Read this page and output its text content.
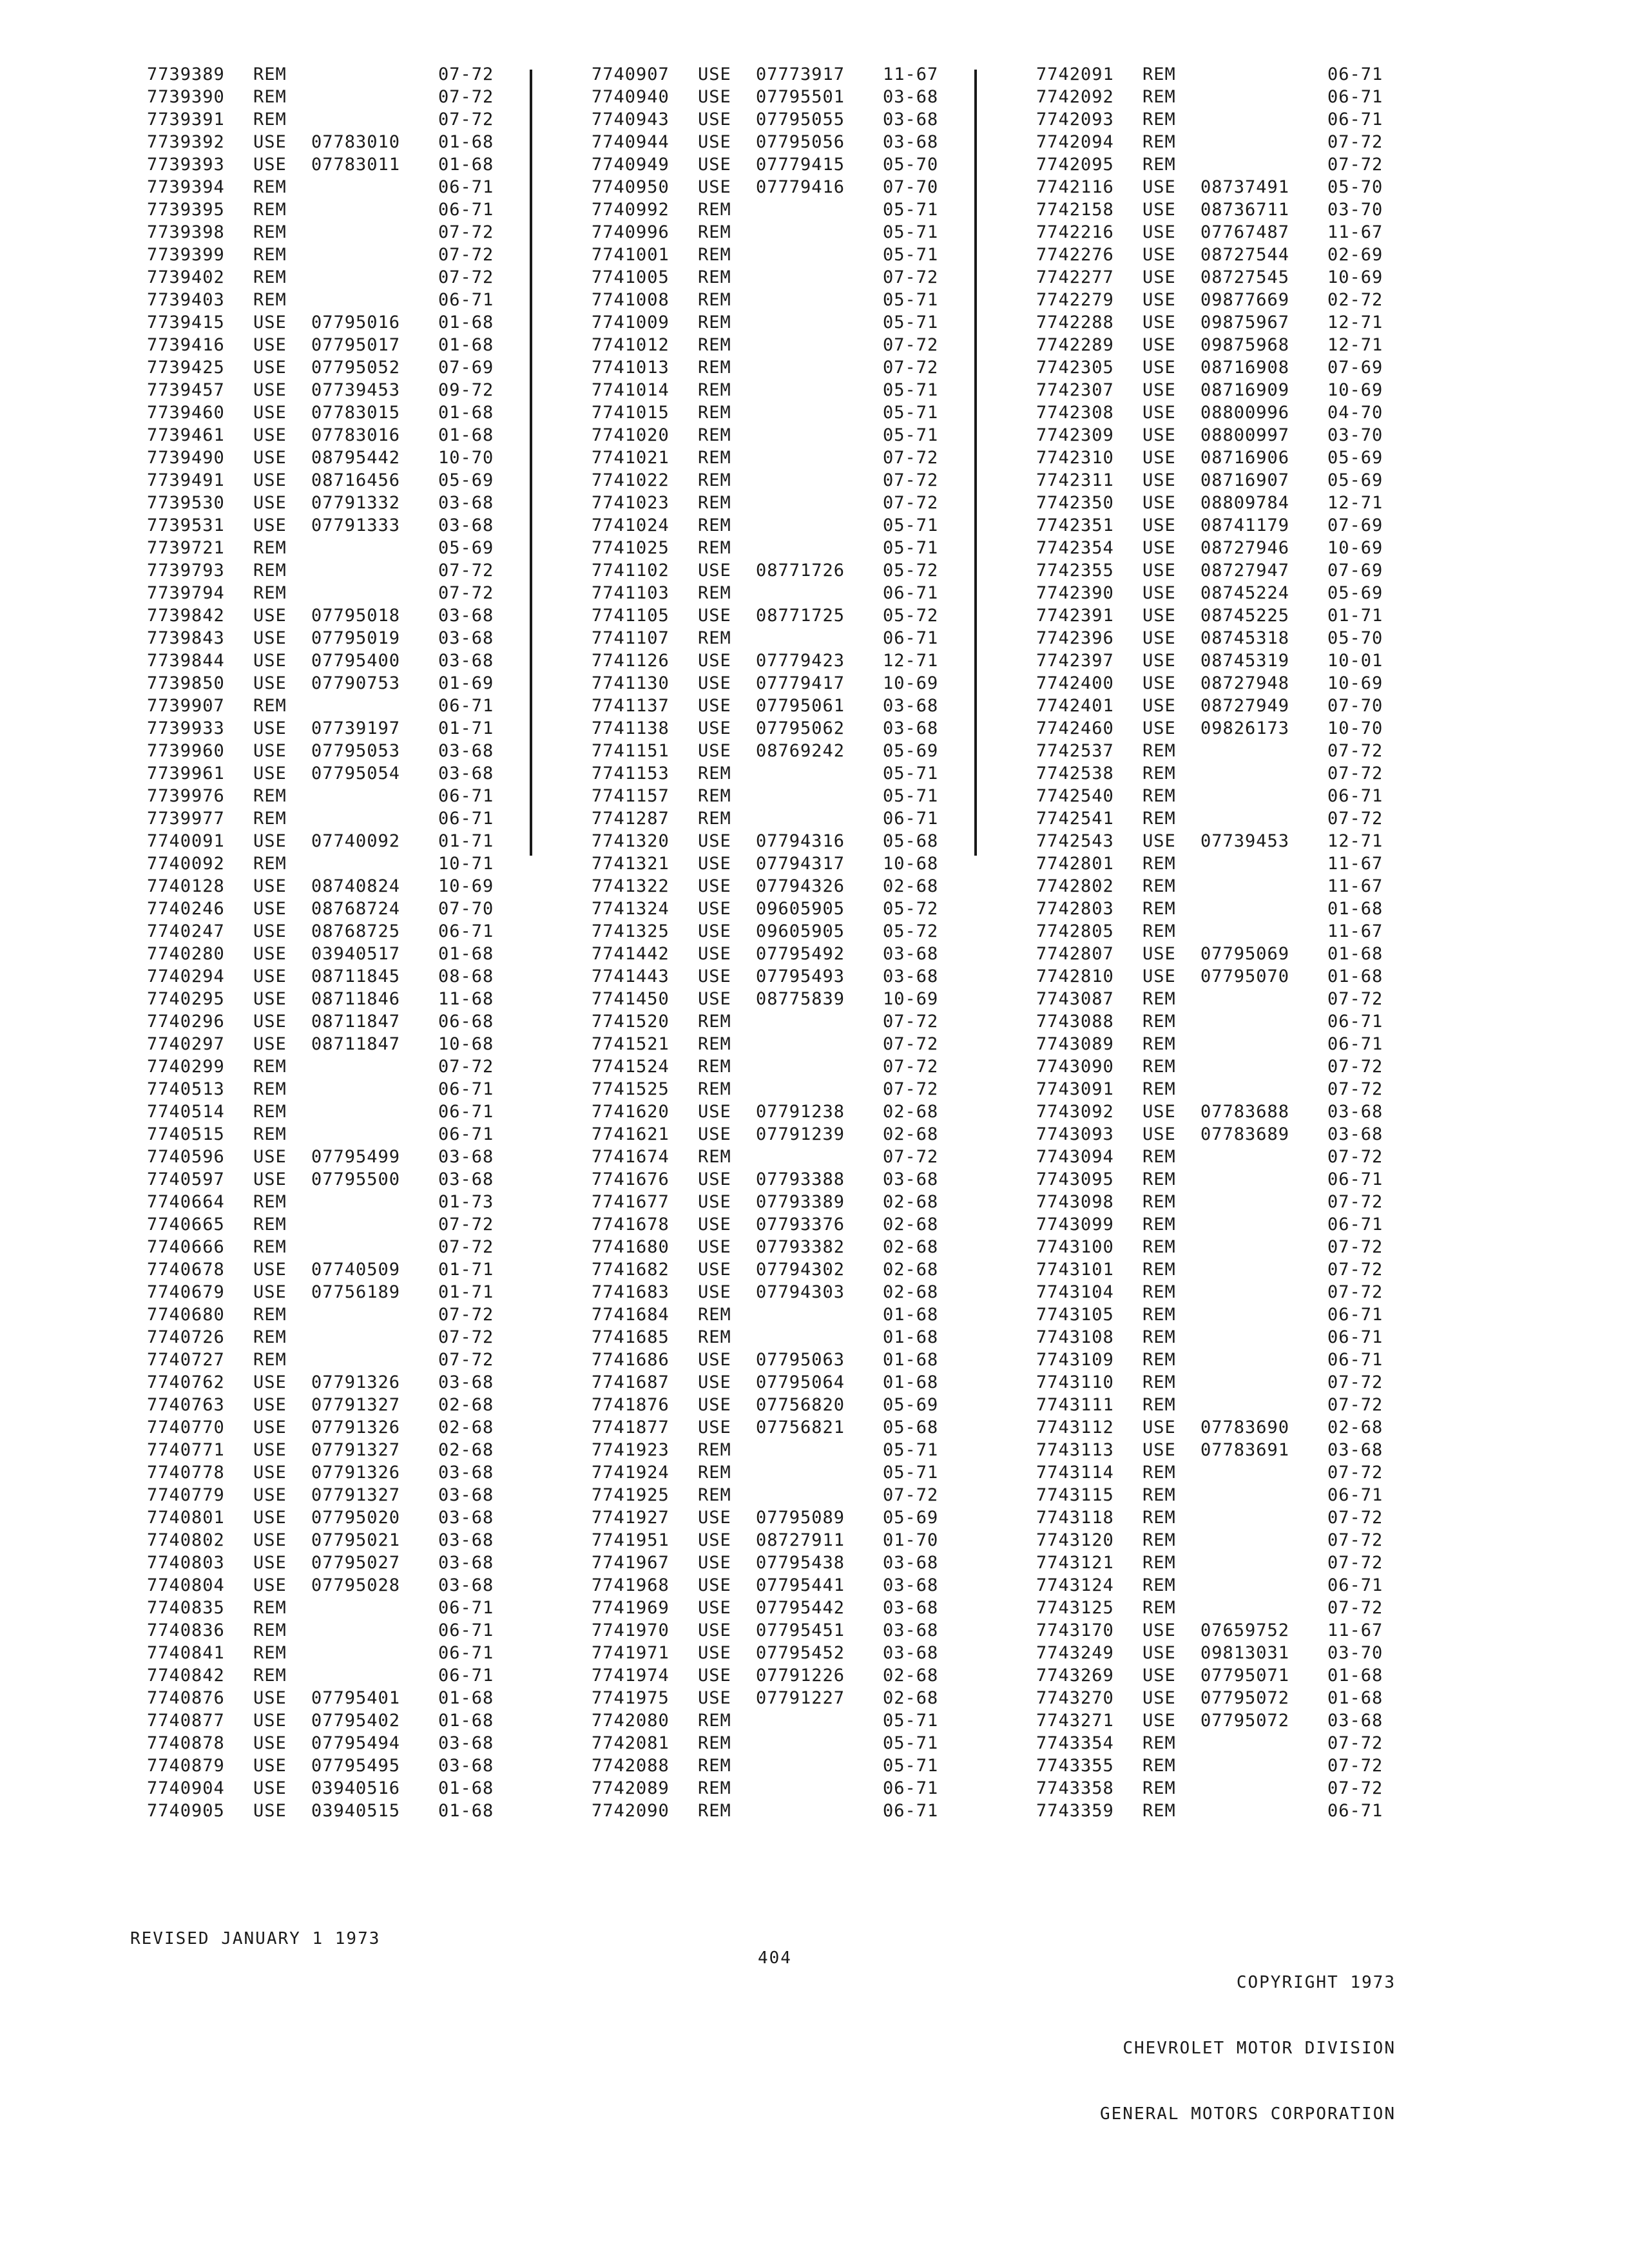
7739389 REM	07-72
7739390 REM	07-72
7739391 REM	07-72
7739392 USE 07783010 01-68
7739393 USE 07783011 01-68
7739394 REM	06-71
7739395 REM	06-71
7739398 REM	07-72
7739399 REM	07-72
7739402 REM	07-72
7739403 REM	06-71
7739415 USE 07795016 01-68
7739416 USE 07795017 01-68
7739425 USE 07795052 07-69
7739457 USE 07739453 09-72
7739460 USE 07783015 01-68
7739461 USE 07783016 01-68
7739490 USE 08795442 10-70
7739491 USE 08716456 05-69
7739530 USE 07791332 03-68
7739531 USE 07791333 03-68
7739721 REM	05-69
7739793 REM	07-72
7739794 REM	07-72
7739842 USE 07795018 03-68
7739843 USE 07795019 03-68
7739844 USE 07795400 03-68
7739850 USE 07790753 01-69
7739907 REM	06-71
7739933 USE 07739197 01-71
7739960 USE 07795053 03-68
7739961 USE 07795054 03-68
7739976 REM	06-71
7739977 REM	06-71
7740091 USE 07740092 01-71
7740092 REM	10-71
7740128 USE 08740824 10-69
7740246 USE 08768724 07-70
7740247 USE 08768725 06-71
7740280 USE 03940517 01-68
7740294 USE 08711845 08-68
7740295 USE 08711846 11-68
7740296 USE 08711847 06-68
7740297 USE 08711847 10-68
7740299 REM	07-72
7740513 REM	06-71
7740514 REM	06-71
7740515 REM	06-71
7740596 USE 07795499 03-68
7740597 USE 07795500 03-68
7740664 REM	01-73
7740665 REM	07-72
7740666 REM	07-72
7740678 USE 07740509 01-71
7740679 USE 07756189 01-71
7740680 REM	07-72
7740726 REM	07-72
7740727 REM	07-72
7740762 USE 07791326 03-68
7740763 USE 07791327 02-68
7740770 USE 07791326 02-68
7740771 USE 07791327 02-68
7740778 USE 07791326 03-68
7740779 USE 07791327 03-68
7740801 USE 07795020 03-68
7740802 USE 07795021 03-68
7740803 USE 07795027 03-68
7740804 USE 07795028 03-68
7740835 REM	06-71
7740836 REM	06-71
7740841 REM	06-71
7740842 REM	06-71
7740876 USE 07795401 01-68
7740877 USE 07795402 01-68
7740878 USE 07795494 03-68
7740879 USE 07795495 03-68
7740904 USE 03940516 01-68
7740905 USE 03940515 01-68
7740907 USE 07773917 11-67
7740940 USE 07795501 03-68
7740943 USE 07795055 03-68
7740944 USE 07795056 03-68
7740949 USE 07779415 05-70
7740950 USE 07779416 07-70
7740992 REM	05-71
7740996 REM	05-71
7741001 REM	05-71
7741005 REM	07-72
7741008 REM	05-71
7741009 REM	05-71
7741012 REM	07-72
7741013 REM	07-72
7741014 REM	05-71
7741015 REM	05-71
7741020 REM	05-71
7741021 REM	07-72
7741022 REM	07-72
7741023 REM	07-72
7741024 REM	05-71
7741025 REM	05-71
7741102 USE 08771726 05-72
7741103 REM	06-71
7741105 USE 08771725 05-72
7741107 REM	06-71
7741126 USE 07779423 12-71
7741130 USE 07779417 10-69
7741137 USE 07795061 03-68
7741138 USE 07795062 03-68
7741151 USE 08769242 05-69
7741153 REM	05-71
7741157 REM	05-71
7741287 REM	06-71
7741320 USE 07794316 05-68
7741321 USE 07794317 10-68
7741322 USE 07794326 02-68
7741324 USE 09605905 05-72
7741325 USE 09605905 05-72
7741442 USE 07795492 03-68
7741443 USE 07795493 03-68
7741450 USE 08775839 10-69
7741520 REM	07-72
7741521 REM	07-72
7741524 REM	07-72
7741525 REM	07-72
7741620 USE 07791238 02-68
7741621 USE 07791239 02-68
7741674 REM	07-72
7741676 USE 07793388 03-68
7741677 USE 07793389 02-68
7741678 USE 07793376 02-68
7741680 USE 07793382 02-68
7741682 USE 07794302 02-68
7741683 USE 07794303 02-68
7741684 REM	01-68
7741685 REM	01-68
7741686 USE 07795063 01-68
7741687 USE 07795064 01-68
7741876 USE 07756820 05-69
7741877 USE 07756821 05-68
7741923 REM	05-71
7741924 REM	05-71
7741925 REM	07-72
7741927 USE 07795089 05-69
7741951 USE 08727911 01-70
7741967 USE 07795438 03-68
7741968 USE 07795441 03-68
7741969 USE 07795442 03-68
7741970 USE 07795451 03-68
7741971 USE 07795452 03-68
7741974 USE 07791226 02-68
7741975 USE 07791227 02-68
7742080 REM	05-71
7742081 REM	05-71
7742088 REM	05-71
7742089 REM	06-71
7742090 REM	06-71
7742091 REM	06-71
7742092 REM	06-71
7742093 REM	06-71
7742094 REM	07-72
7742095 REM	07-72
7742116 USE 08737491 05-70
7742158 USE 08736711 03-70
7742216 USE 07767487 11-67
7742276 USE 08727544 02-69
7742277 USE 08727545 10-69
7742279 USE 09877669 02-72
7742288 USE 09875967 12-71
7742289 USE 09875968 12-71
7742305 USE 08716908 07-69
7742307 USE 08716909 10-69
7742308 USE 08800996 04-70
7742309 USE 08800997 03-70
7742310 USE 08716906 05-69
7742311 USE 08716907 05-69
7742350 USE 08809784 12-71
7742351 USE 08741179 07-69
7742354 USE 08727946 10-69
7742355 USE 08727947 07-69
7742390 USE 08745224 05-69
7742391 USE 08745225 01-71
7742396 USE 08745318 05-70
7742397 USE 08745319 10-01
7742400 USE 08727948 10-69
7742401 USE 08727949 07-70
7742460 USE 09826173 10-70
7742537 REM	07-72
7742538 REM	07-72
7742540 REM	06-71
7742541 REM	07-72
7742543 USE 07739453 12-71
7742801 REM	11-67
7742802 REM	11-67
7742803 REM	01-68
7742805 REM	11-67
7742807 USE 07795069 01-68
7742810 USE 07795070 01-68
7743087 REM	07-72
7743088 REM	06-71
7743089 REM	06-71
7743090 REM	07-72
7743091 REM	07-72
7743092 USE 07783688 03-68
7743093 USE 07783689 03-68
7743094 REM	07-72
7743095 REM	06-71
7743098 REM	07-72
7743099 REM	06-71
7743100 REM	07-72
7743101 REM	07-72
7743104 REM	07-72
7743105 REM	06-71
7743108 REM	06-71
7743109 REM	06-71
7743110 REM	07-72
7743111 REM	07-72
7743112 USE 07783690 02-68
7743113 USE 07783691 03-68
7743114 REM	07-72
7743115 REM	06-71
7743118 REM	07-72
7743120 REM	07-72
7743121 REM	07-72
7743124 REM	06-71
7743125 REM	07-72
7743170 USE 07659752 11-67
7743249 USE 09813031 03-70
7743269 USE 07795071 01-68
7743270 USE 07795072 01-68
7743271 USE 07795072 03-68
7743354 REM	07-72
7743355 REM	07-72
7743358 REM	07-72
7743359 REM	06-71
REVISED JANUARY 1 1973
404

COPYRIGHT 1973

CHEVROLET MOTOR DIVISION

GENERAL MOTORS CORPORATION
